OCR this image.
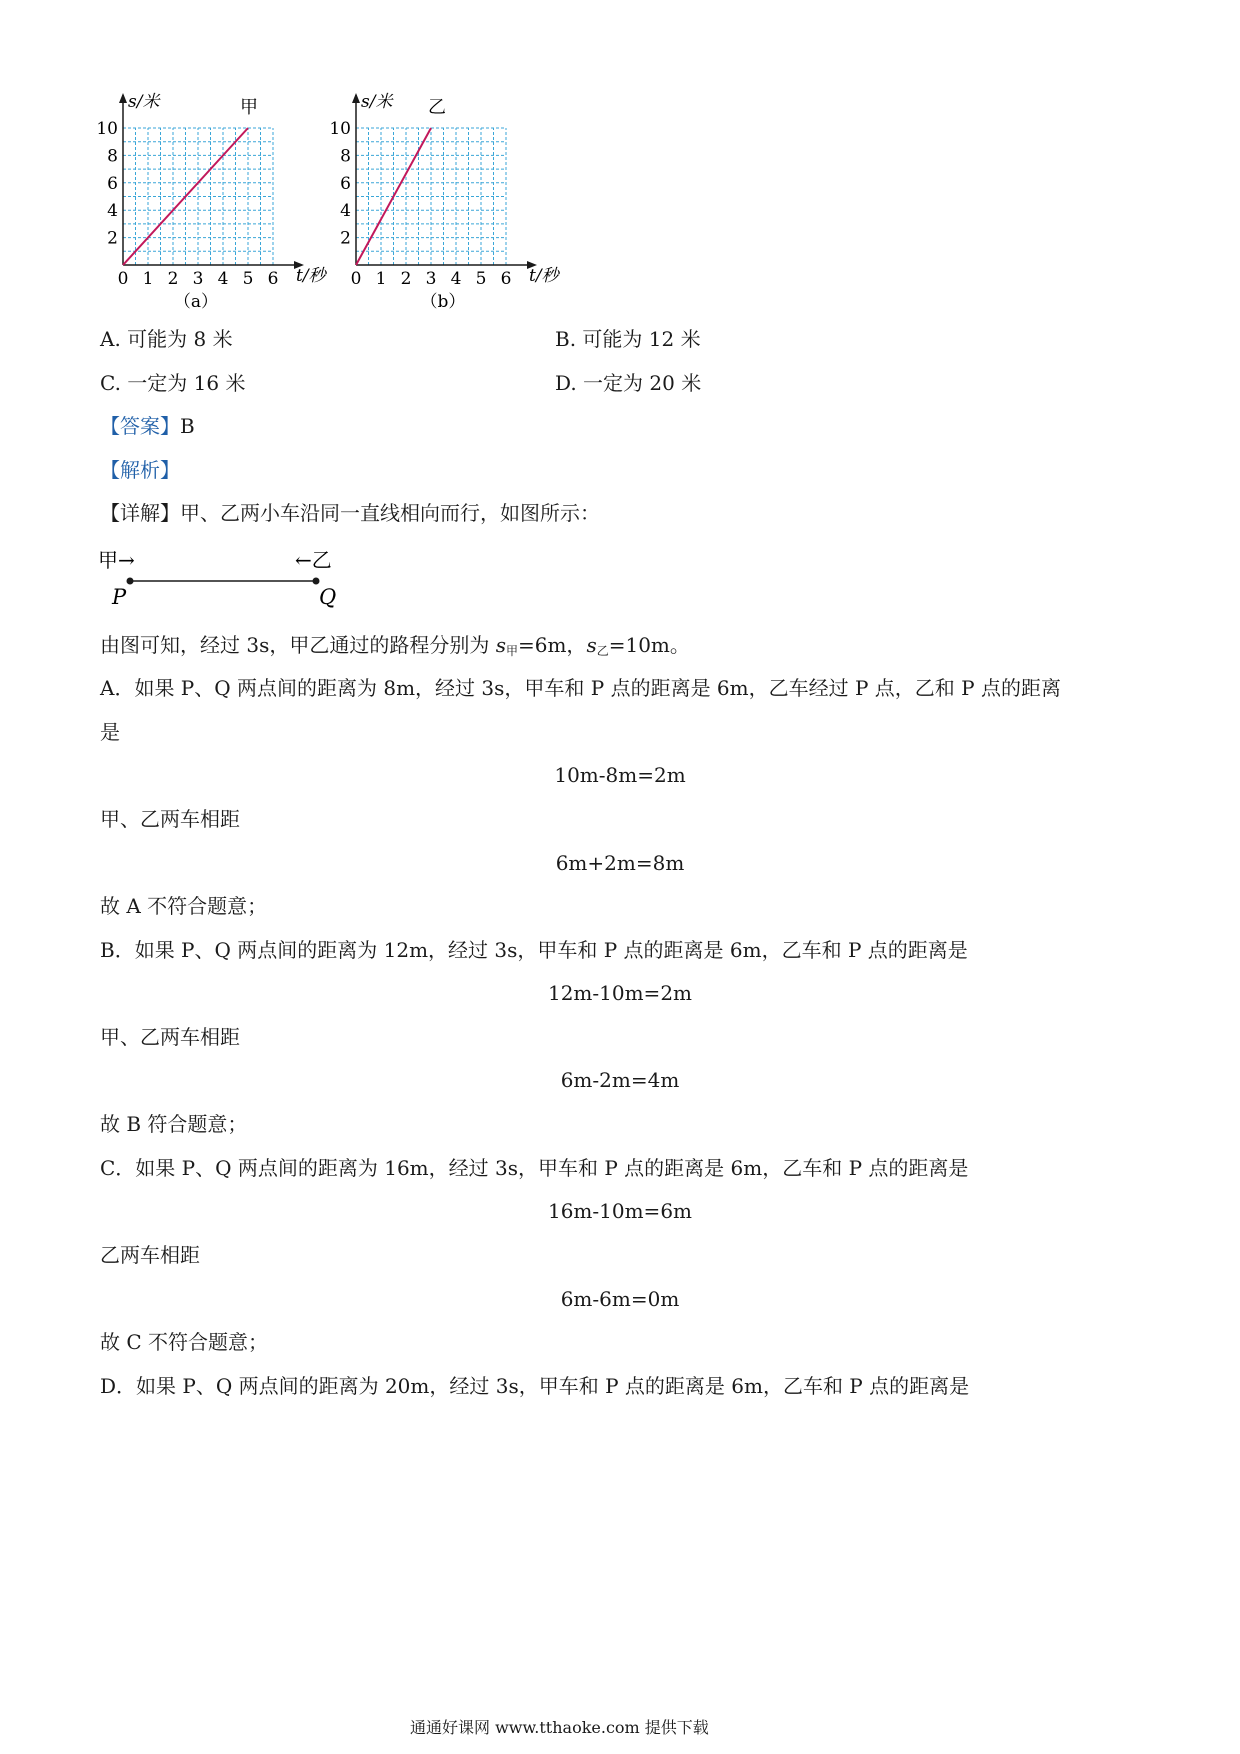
2
4
6
8
10
0 1 2 3 4 5 6
甲
s/米
t/秒
（a）
2
4
6
8
10
0 1 2 3 4 5 6
乙
s/米
t/秒
（b）
A. 可能为 8 米	B. 可能为 12 米
C. 一定为 16 米	D. 一定为 20 米
【答案】B
【解析】
【详解】甲、乙两小车沿同一直线相向而行，如图所示：
甲→	←乙
P	Q
由图可知，经过 3s，甲乙通过的路程分别为 $s_甲=6m$，$s_乙=10m$。
A．如果 P、Q 两点间的距离为 8m，经过 3s，甲车和 P 点的距离是 6m，乙车经过 P 点，乙和 P 点的距离
是
10m-8m=2m
甲、乙两车相距
6m+2m=8m
故 A 不符合题意；
B．如果 P、Q 两点间的距离为 12m，经过 3s，甲车和 P 点的距离是 6m，乙车和 P 点的距离是
12m-10m=2m
甲、乙两车相距
6m-2m=4m
故 B 符合题意；
C．如果 P、Q 两点间的距离为 16m，经过 3s，甲车和 P 点的距离是 6m，乙车和 P 点的距离是
16m-10m=6m
乙两车相距
6m-6m=0m
故 C 不符合题意；
D．如果 P、Q 两点间的距离为 20m，经过 3s，甲车和 P 点的距离是 6m，乙车和 P 点的距离是
通通好课网 www.tthaoke.com 提供下载
